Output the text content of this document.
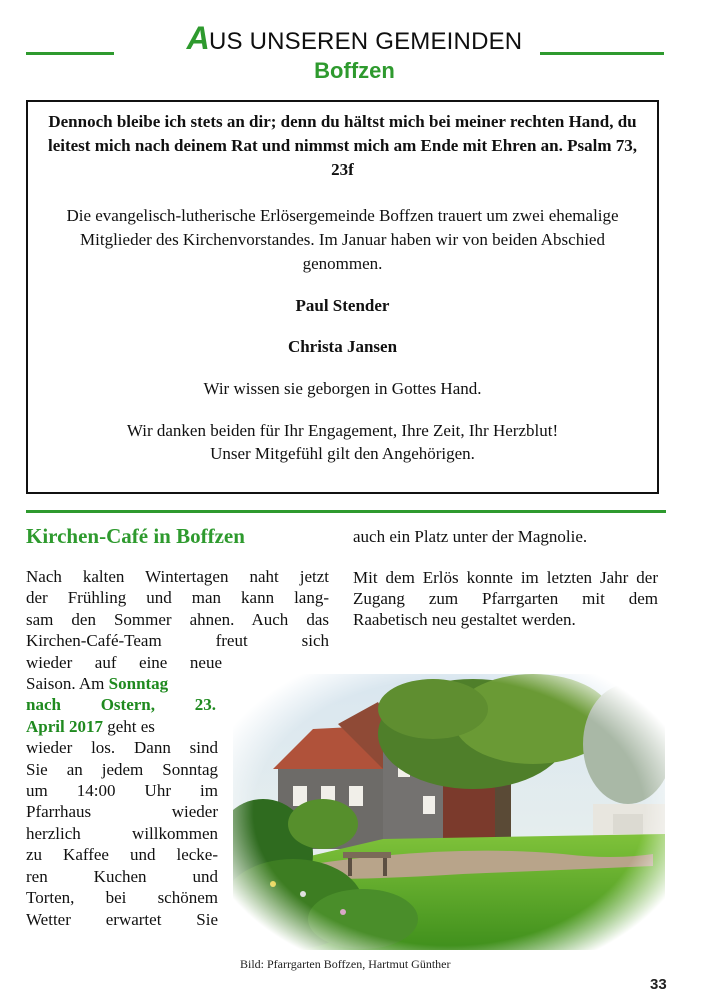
AUS UNSEREN GEMEINDEN
Boffzen

Dennoch bleibe ich stets an dir; denn du hältst mich bei meiner rechten Hand, du leitest mich nach deinem Rat und nimmst mich am Ende mit Ehren an. Psalm 73, 23f

Die evangelisch-lutherische Erlösergemeinde Boffzen trauert um zwei ehemalige Mitglieder des Kirchenvorstandes. Im Januar haben wir von beiden Abschied genommen.

Paul Stender

Christa Jansen

Wir wissen sie geborgen in Gottes Hand.

Wir danken beiden für Ihr Engagement, Ihre Zeit, Ihr Herzblut!
Unser Mitgefühl gilt den Angehörigen.

Kirchen-Café in Boffzen	auch ein Platz unter der Magnolie.
Mit dem Erlös konnte im letzten Jahr der Zugang zum Pfarrgarten mit dem Raabetisch neu gestaltet werden.
Nach kalten Wintertagen naht jetzt
der Frühling und man kann lang-
sam den Sommer ahnen. Auch das
Kirchen-Café-Team freut sich
wieder auf eine neue
Saison. Am Sonntag
nach Ostern, 23.
April 2017 geht es
wieder los. Dann sind
Sie an jedem Sonntag
um 14:00 Uhr im
Pfarrhaus wieder
herzlich willkommen
zu Kaffee und lecke-
ren Kuchen und
Torten, bei schönem
Wetter erwartet Sie
Bild: Pfarrgarten Boffzen, Hartmut Günther
33
